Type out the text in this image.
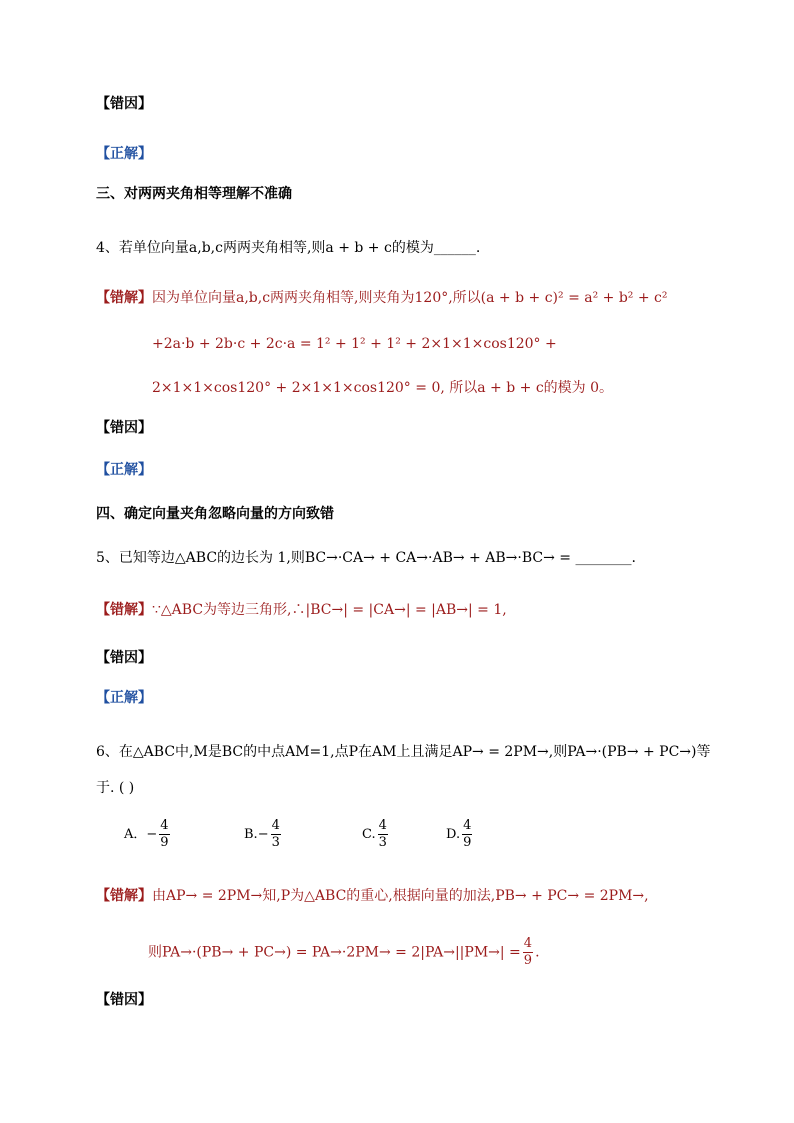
【错因】
【正解】
三、对两两夹角相等理解不准确
4、若单位向量a,b,c两两夹角相等,则a + b + c的模为______.
【错解】因为单位向量a,b,c两两夹角相等,则夹角为120°,所以(a + b + c)² = a² + b² + c²
+2a·b + 2b·c + 2c·a = 1² + 1² + 1² + 2×1×1×cos120° +
2×1×1×cos120° + 2×1×1×cos120° = 0, 所以a + b + c的模为 0。
【错因】
【正解】
四、确定向量夹角忽略向量的方向致错
5、已知等边△ABC的边长为 1,则BC→·CA→ + CA→·AB→ + AB→·BC→ = ________.
【错解】∵△ABC为等边三角形,∴|BC→| = |CA→| = |AB→| = 1,
【错因】
【正解】
6、在△ABC中,M是BC的中点AM=1,点P在AM上且满足AP→ = 2PM→,则PA→·(PB→ + PC→)等
于. ( )
A．− $\frac{4}{9}$	$B.- \frac{4}{3}$	C. $\frac{4}{3}$	D. $\frac{4}{9}$
【错解】由AP→ = 2PM→知,P为△ABC的重心,根据向量的加法,PB→ + PC→ = 2PM→,
则$PA\to\cdot(PB\to + PC\to) = PA\to\cdot 2PM\to = 2|PA\to||PM\to| = \frac{4}{9}$ .
【错因】
